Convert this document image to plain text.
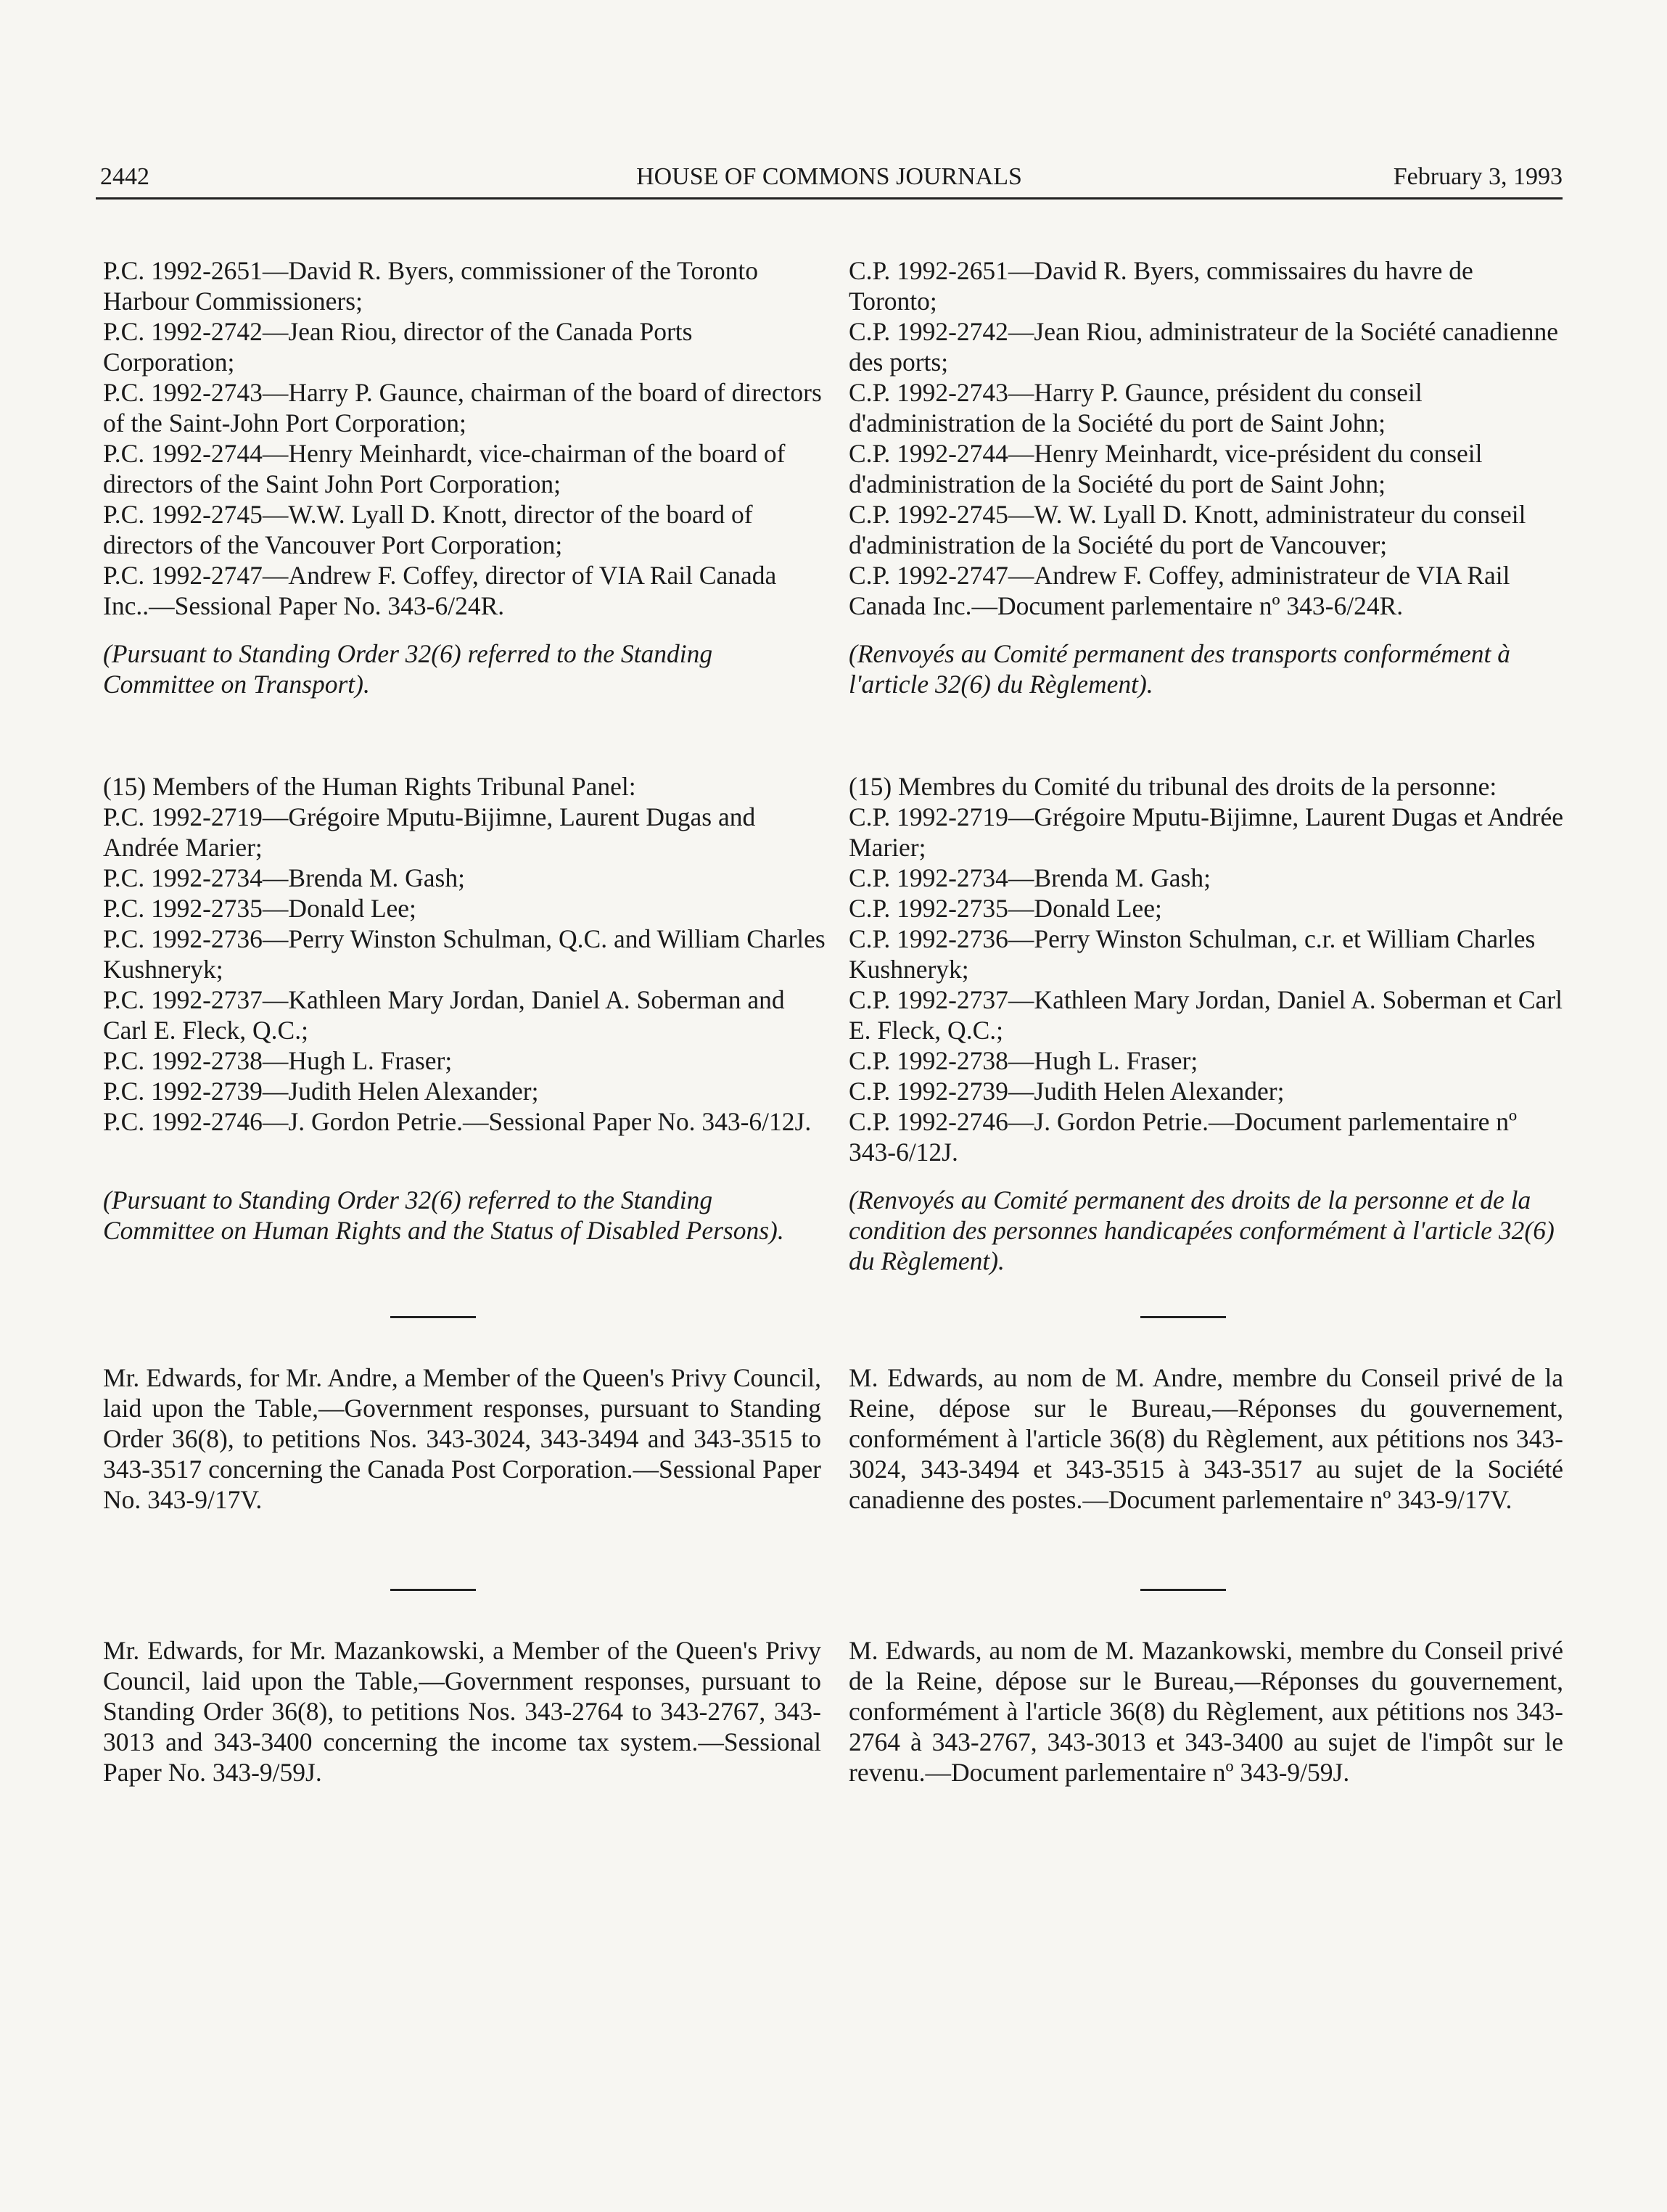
2442	HOUSE OF COMMONS JOURNALS	February 3, 1993

P.C. 1992-2651—David R. Byers, commissioner of the Toronto Harbour Commissioners;

P.C. 1992-2742—Jean Riou, director of the Canada Ports Corporation;

P.C. 1992-2743—Harry P. Gaunce, chairman of the board of directors of the Saint-John Port Corporation;

P.C. 1992-2744—Henry Meinhardt, vice-chairman of the board of directors of the Saint John Port Corporation;

P.C. 1992-2745—W.W. Lyall D. Knott, director of the board of directors of the Vancouver Port Corporation;

P.C. 1992-2747—Andrew F. Coffey, director of VIA Rail Canada Inc..—Sessional Paper No. 343-6/24R.

(Pursuant to Standing Order 32(6) referred to the Standing Committee on Transport).

(15) Members of the Human Rights Tribunal Panel:

P.C. 1992-2719—Grégoire Mputu-Bijimne, Laurent Dugas and Andrée Marier;

P.C. 1992-2734—Brenda M. Gash;

P.C. 1992-2735—Donald Lee;

P.C. 1992-2736—Perry Winston Schulman, Q.C. and William Charles Kushneryk;

P.C. 1992-2737—Kathleen Mary Jordan, Daniel A. Soberman and Carl E. Fleck, Q.C.;

P.C. 1992-2738—Hugh L. Fraser;

P.C. 1992-2739—Judith Helen Alexander;

P.C. 1992-2746—J. Gordon Petrie.—Sessional Paper No. 343-6/12J.

(Pursuant to Standing Order 32(6) referred to the Standing Committee on Human Rights and the Status of Disabled Persons).

Mr. Edwards, for Mr. Andre, a Member of the Queen's Privy Council, laid upon the Table,—Government responses, pursuant to Standing Order 36(8), to petitions Nos. 343-3024, 343-3494 and 343-3515 to 343-3517 concerning the Canada Post Corporation.—Sessional Paper No. 343-9/17V.

Mr. Edwards, for Mr. Mazankowski, a Member of the Queen's Privy Council, laid upon the Table,—Government responses, pursuant to Standing Order 36(8), to petitions Nos. 343-2764 to 343-2767, 343-3013 and 343-3400 concerning the income tax system.—Sessional Paper No. 343-9/59J.

C.P. 1992-2651—David R. Byers, commissaires du havre de Toronto;

C.P. 1992-2742—Jean Riou, administrateur de la Société canadienne des ports;

C.P. 1992-2743—Harry P. Gaunce, président du conseil d'administration de la Société du port de Saint John;

C.P. 1992-2744—Henry Meinhardt, vice-président du conseil d'administration de la Société du port de Saint John;

C.P. 1992-2745—W. W. Lyall D. Knott, administrateur du conseil d'administration de la Société du port de Vancouver;

C.P. 1992-2747—Andrew F. Coffey, administrateur de VIA Rail Canada Inc.—Document parlementaire nº 343-6/24R.

(Renvoyés au Comité permanent des transports conformément à l'article 32(6) du Règlement).

(15) Membres du Comité du tribunal des droits de la personne:

C.P. 1992-2719—Grégoire Mputu-Bijimne, Laurent Dugas et Andrée Marier;

C.P. 1992-2734—Brenda M. Gash;

C.P. 1992-2735—Donald Lee;

C.P. 1992-2736—Perry Winston Schulman, c.r. et William Charles Kushneryk;

C.P. 1992-2737—Kathleen Mary Jordan, Daniel A. Soberman et Carl E. Fleck, Q.C.;

C.P. 1992-2738—Hugh L. Fraser;

C.P. 1992-2739—Judith Helen Alexander;

C.P. 1992-2746—J. Gordon Petrie.—Document parlementaire nº 343-6/12J.

(Renvoyés au Comité permanent des droits de la personne et de la condition des personnes handicapées conformément à l'article 32(6) du Règlement).

M. Edwards, au nom de M. Andre, membre du Conseil privé de la Reine, dépose sur le Bureau,—Réponses du gouvernement, conformément à l'article 36(8) du Règlement, aux pétitions nos 343-3024, 343-3494 et 343-3515 à 343-3517 au sujet de la Société canadienne des postes.—Document parlementaire nº 343-9/17V.

M. Edwards, au nom de M. Mazankowski, membre du Conseil privé de la Reine, dépose sur le Bureau,—Réponses du gouvernement, conformément à l'article 36(8) du Règlement, aux pétitions nos 343-2764 à 343-2767, 343-3013 et 343-3400 au sujet de l'impôt sur le revenu.—Document parlementaire nº 343-9/59J.
